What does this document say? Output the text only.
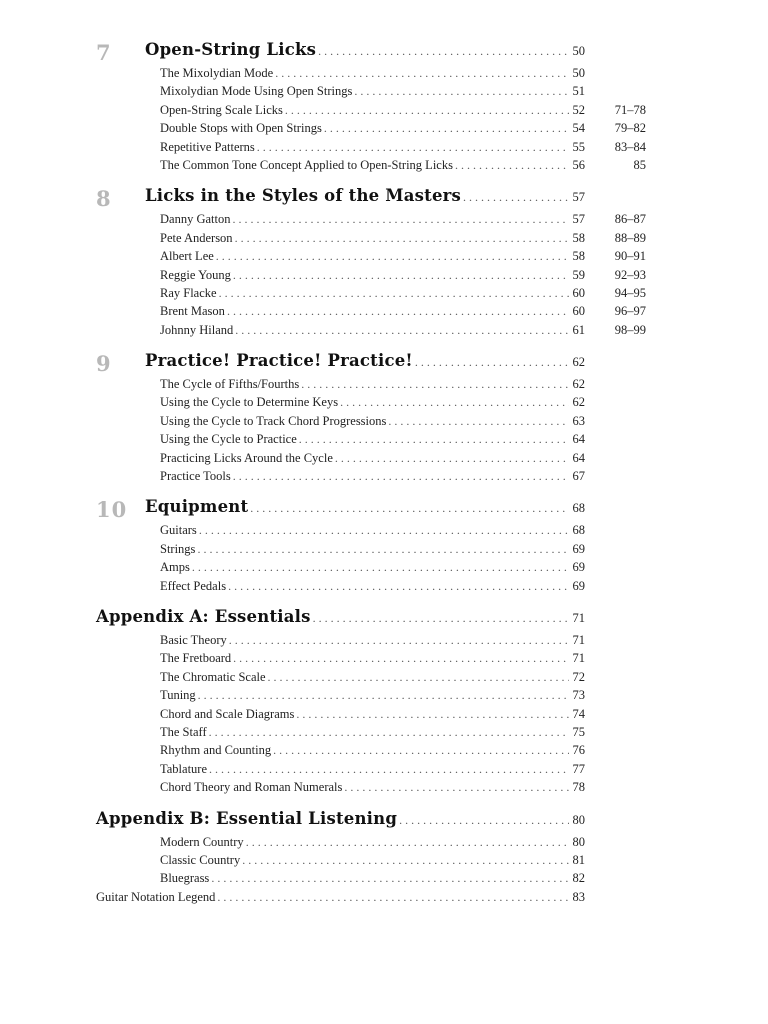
7	Open-String Licks . . .	50
The Mixolydian Mode . . .	50
Mixolydian Mode Using Open Strings . . .	51
Open-String Scale Licks . . .	52	71–78
Double Stops with Open Strings . . .	54	79–82
Repetitive Patterns . . .	55	83–84
The Common Tone Concept Applied to Open-String Licks . . .	56	85
8	Licks in the Styles of the Masters . . .	57
Danny Gatton . . .	57	86–87
Pete Anderson . . .	58	88–89
Albert Lee . . .	58	90–91
Reggie Young . . .	59	92–93
Ray Flacke . . .	60	94–95
Brent Mason . . .	60	96–97
Johnny Hiland . . .	61	98–99
9	Practice! Practice! Practice! . . .	62
The Cycle of Fifths/Fourths . . .	62
Using the Cycle to Determine Keys . . .	62
Using the Cycle to Track Chord Progressions . . .	63
Using the Cycle to Practice . . .	64
Practicing Licks Around the Cycle . . .	64
Practice Tools . . .	67
10	Equipment . . .	68
Guitars . . .	68
Strings . . .	69
Amps . . .	69
Effect Pedals . . .	69
Appendix A: Essentials . . .	71
Basic Theory . . .	71
The Fretboard . . .	71
The Chromatic Scale . . .	72
Tuning . . .	73
Chord and Scale Diagrams . . .	74
The Staff . . .	75
Rhythm and Counting . . .	76
Tablature . . .	77
Chord Theory and Roman Numerals . . .	78
Appendix B: Essential Listening . . .	80
Modern Country . . .	80
Classic Country . . .	81
Bluegrass . . .	82
Guitar Notation Legend . . .	83
